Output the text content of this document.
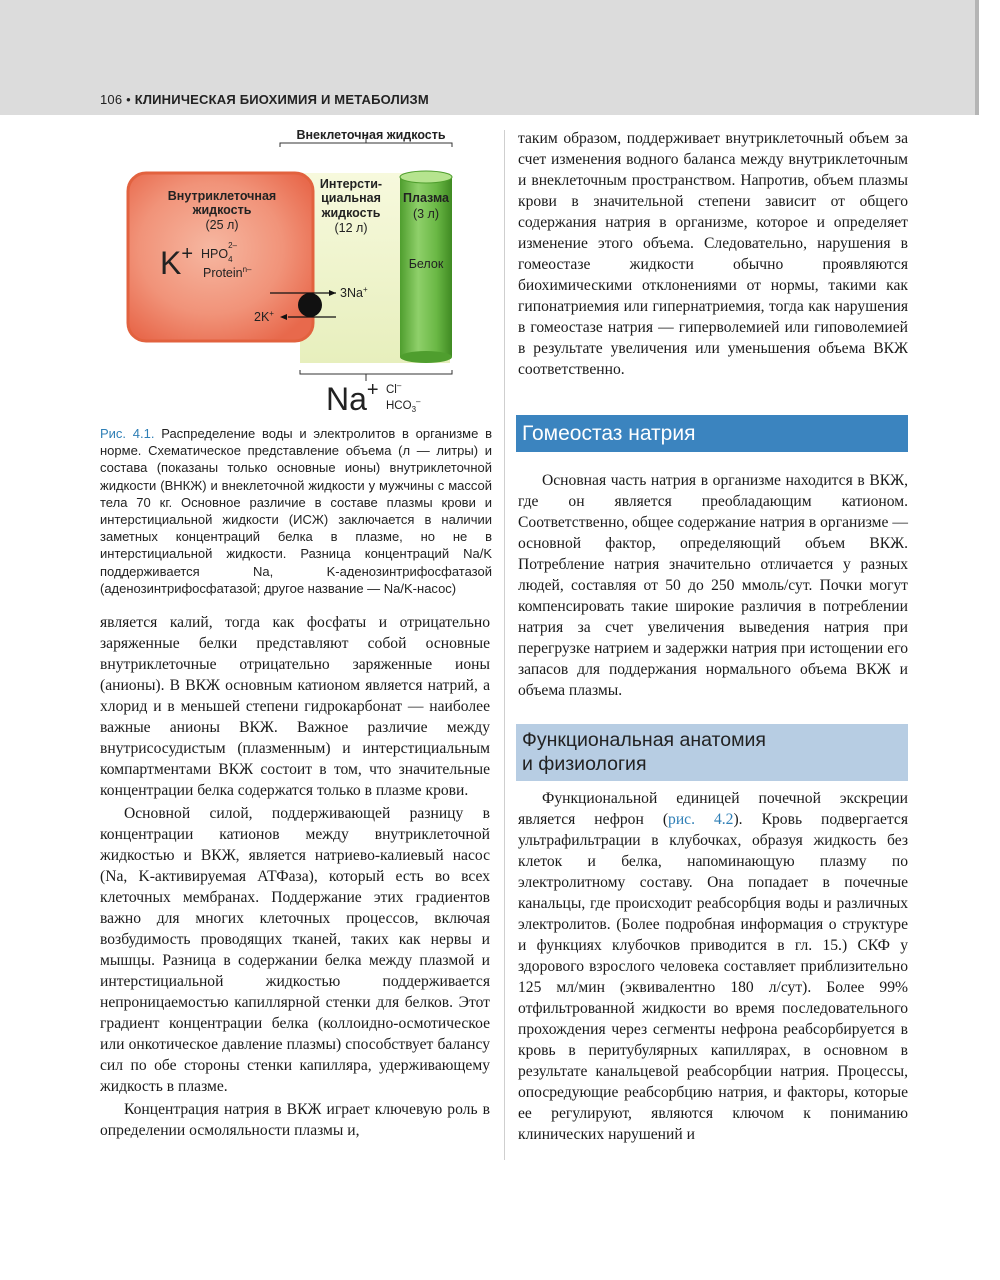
106 • КЛИНИЧЕСКАЯ БИОХИМИЯ И МЕТАБОЛИЗМ
Внеклеточная жидкость
Внутриклеточная
жидкость
(25 л)
K+ HPO
2–
$_4$
Protein$^{n-}$
Интерсти-
циальная
жидкость
(12 л)
Плазма
(3 л)
Белок
3Na+
2K+
Na+ Cl–
$HCO_3^-$
Рис. 4.1. Распределение воды и электролитов в организме в норме. Схематическое представление объема (л — литры) и состава (показаны только основные ионы) внутриклеточной жидкости (ВНКЖ) и внеклеточной жидкости у мужчины с массой тела 70 кг. Основное различие в составе плазмы крови и интерстициальной жидкости (ИСЖ) заключается в наличии заметных концентраций белка в плазме, но не в интерстициальной жидкости. Разница концентраций Na/K поддерживается Na, K-аденозинтрифосфатазой (аденозинтрифосфатазой; другое название — Na/K-насос)

является калий, тогда как фосфаты и отрицательно заряженные белки представляют собой основные внутриклеточные отрицательно заряженные ионы (анионы). В ВКЖ основным катионом является натрий, а хлорид и в меньшей степени гидрокарбонат — наиболее важные анионы ВКЖ. Важное различие между внутрисосудистым (плазменным) и интерстициальным компартментами ВКЖ состоит в том, что значительные концентрации белка содержатся только в плазме крови.

Основной силой, поддерживающей разницу в концентрации катионов между внутриклеточной жидкостью и ВКЖ, является натриево-калиевый насос (Na, K-активируемая АТФаза), который есть во всех клеточных мембранах. Поддержание этих градиентов важно для многих клеточных процессов, включая возбудимость проводящих тканей, таких как нервы и мышцы. Разница в содержании белка между плазмой и интерстициальной жидкостью поддерживается непроницаемостью капиллярной стенки для белков. Этот градиент концентрации белка (коллоидно-осмотическое или онкотическое давление плазмы) способствует балансу сил по обе стороны стенки капилляра, удерживающему жидкость в плазме.

Концентрация натрия в ВКЖ играет ключевую роль в определении осмоляльности плазмы и,

таким образом, поддерживает внутриклеточный объем за счет изменения водного баланса между внутриклеточным и внеклеточным пространством. Напротив, объем плазмы крови в значительной степени зависит от общего содержания натрия в организме, которое и определяет изменение этого объема. Следовательно, нарушения в гомеостазе жидкости обычно проявляются биохимическими отклонениями от нормы, такими как гипонатриемия или гипернатриемия, тогда как нарушения в гомеостазе натрия — гиперволемией или гиповолемией в результате увеличения или уменьшения объема ВКЖ соответственно.

Гомеостаз натрия

Основная часть натрия в организме находится в ВКЖ, где он является преобладающим катионом. Соответственно, общее содержание натрия в организме — основной фактор, определяющий объем ВКЖ. Потребление натрия значительно отличается у разных людей, составляя от 50 до 250 ммоль/сут. Почки могут компенсировать такие широкие различия в потреблении натрия за счет увеличения выведения натрия при перегрузке натрием и задержки натрия при истощении его запасов для поддержания нормального объема ВКЖ и объема плазмы.

Функциональная анатомия
и физиология

Функциональной единицей почечной экскреции является нефрон (рис. 4.2). Кровь подвергается ультрафильтрации в клубочках, образуя жидкость без клеток и белка, напоминающую плазму по электролитному составу. Она попадает в почечные канальцы, где происходит реабсорбция воды и различных электролитов. (Более подробная информация о структуре и функциях клубочков приводится в гл. 15.) СКФ у здорового взрослого человека составляет приблизительно 125 мл/мин (эквивалентно 180 л/сут). Более 99% отфильтрованной жидкости во время последовательного прохождения через сегменты нефрона реабсорбируется в кровь в перитубулярных капиллярах, в основном в результате канальцевой реабсорбции натрия. Процессы, опосредующие реабсорбцию натрия, и факторы, которые ее регулируют, являются ключом к пониманию клинических нарушений и
